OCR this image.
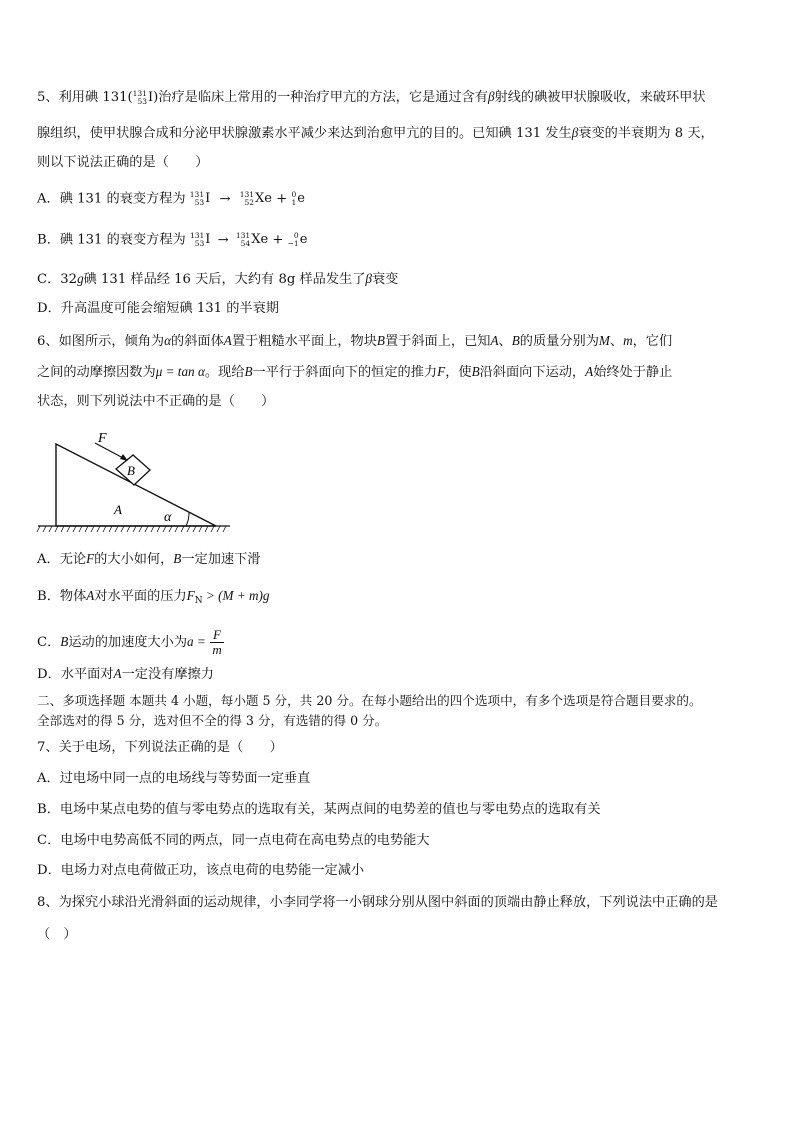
5、利用碘 131( 131
53 I )治疗是临床上常用的一种治疗甲亢的方法，它是通过含有β射线的碘被甲状腺吸收，来破环甲状
腺组织，使甲状腺合成和分泌甲状腺激素水平减少来达到治愈甲亢的目的。已知碘 131 发生β衰变的半衰期为 8 天，
则以下说法正确的是（　　）
A．碘 131 的衰变方程为 131
53 I → 131
52 Xe + 0
1 e
B．碘 131 的衰变方程为 131
53 I → 131
54 Xe +	0
−1 e
C．32g碘 131 样品经 16 天后，大约有 8g 样品发生了β衰变
D．升高温度可能会缩短碘 131 的半衰期
6、如图所示，倾角为α的斜面体A置于粗糙水平面上，物块B置于斜面上，已知A、B的质量分别为M、m，它们
之间的动摩擦因数为μ = tan α。现给B一平行于斜面向下的恒定的推力F，使B沿斜面向下运动，A始终处于静止
状态，则下列说法中不正确的是（　　）
F
B
A
α
A．无论F的大小如何，B一定加速下滑
B．物体A对水平面的压力$F_N > (M + m)g$
C．B运动的加速度大小为$a = \frac{F}{m}$
D．水平面对A一定没有摩擦力
二、多项选择题 本题共 4 小题，每小题 5 分，共 20 分。在每小题给出的四个选项中，有多个选项是符合题目要求的。
全部选对的得 5 分，选对但不全的得 3 分，有选错的得 0 分。
7、关于电场，下列说法正确的是（　　）
A．过电场中同一点的电场线与等势面一定垂直
B．电场中某点电势的值与零电势点的选取有关，某两点间的电势差的值也与零电势点的选取有关
C．电场中电势高低不同的两点，同一点电荷在高电势点的电势能大
D．电场力对点电荷做正功，该点电荷的电势能一定减小
8、为探究小球沿光滑斜面的运动规律，小李同学将一小钢球分别从图中斜面的顶端由静止释放，下列说法中正确的是
（　）
